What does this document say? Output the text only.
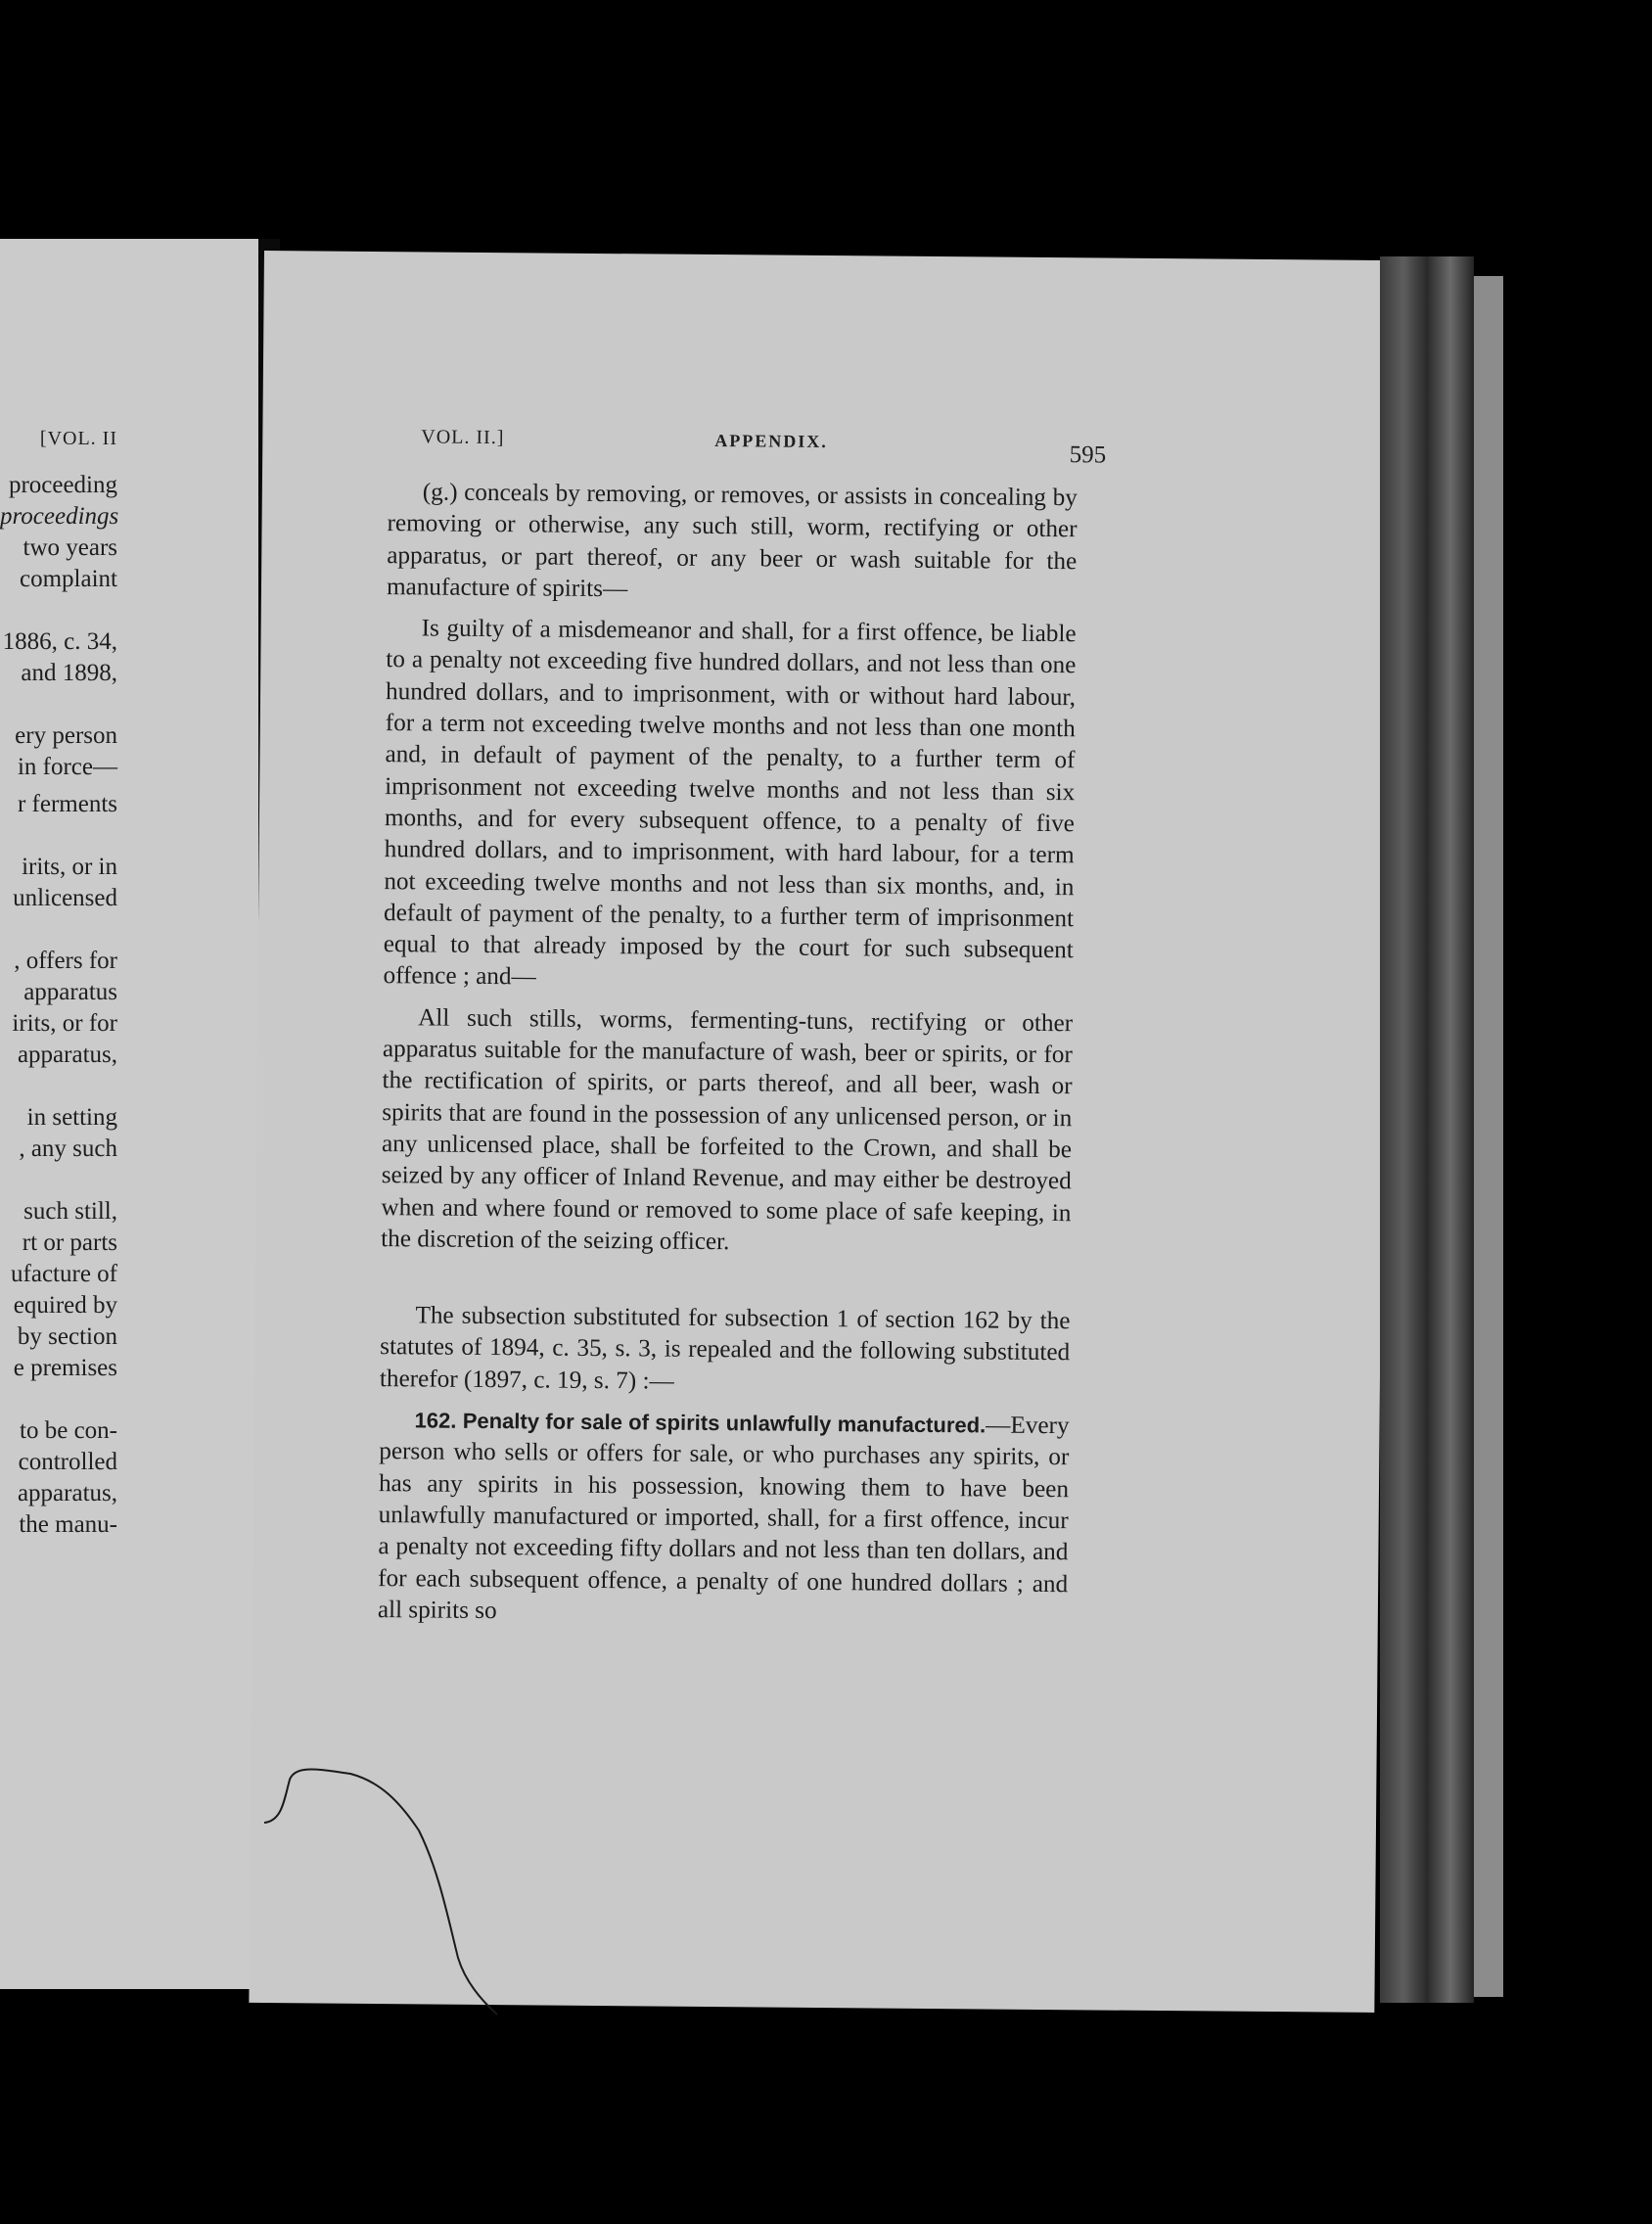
[VOL. II
proceeding
proceedings
two years
complaint
1886, c. 34,
and 1898,
ery person
in force—
r ferments
irits, or in
unlicensed
, offers for
apparatus
irits, or for
apparatus,
in setting
, any such
such still,
rt or parts
ufacture of
equired by
by section
e premises
to be con-
controlled
apparatus,
the manu-
VOL. II.]	APPENDIX.
595

(g.) conceals by removing, or removes, or assists in concealing by removing or otherwise, any such still, worm, rectifying or other apparatus, or part thereof, or any beer or wash suitable for the manufacture of spirits—

Is guilty of a misdemeanor and shall, for a first offence, be liable to a penalty not exceeding five hundred dollars, and not less than one hundred dollars, and to imprisonment, with or without hard labour, for a term not exceeding twelve months and not less than one month and, in default of payment of the penalty, to a further term of imprisonment not exceeding twelve months and not less than six months, and for every subsequent offence, to a penalty of five hundred dollars, and to imprisonment, with hard labour, for a term not exceeding twelve months and not less than six months, and, in default of payment of the penalty, to a further term of imprisonment equal to that already imposed by the court for such subsequent offence ; and—

All such stills, worms, fermenting-tuns, rectifying or other apparatus suitable for the manufacture of wash, beer or spirits, or for the rectification of spirits, or parts thereof, and all beer, wash or spirits that are found in the possession of any unlicensed person, or in any unlicensed place, shall be forfeited to the Crown, and shall be seized by any officer of Inland Revenue, and may either be destroyed when and where found or removed to some place of safe keeping, in the discretion of the seizing officer.

The subsection substituted for subsection 1 of section 162 by the statutes of 1894, c. 35, s. 3, is repealed and the following substituted therefor (1897, c. 19, s. 7) :—

162. Penalty for sale of spirits unlawfully manufactured.—Every person who sells or offers for sale, or who purchases any spirits, or has any spirits in his possession, knowing them to have been unlawfully manufactured or imported, shall, for a first offence, incur a penalty not exceeding fifty dollars and not less than ten dollars, and for each subsequent offence, a penalty of one hundred dollars ; and all spirits so
